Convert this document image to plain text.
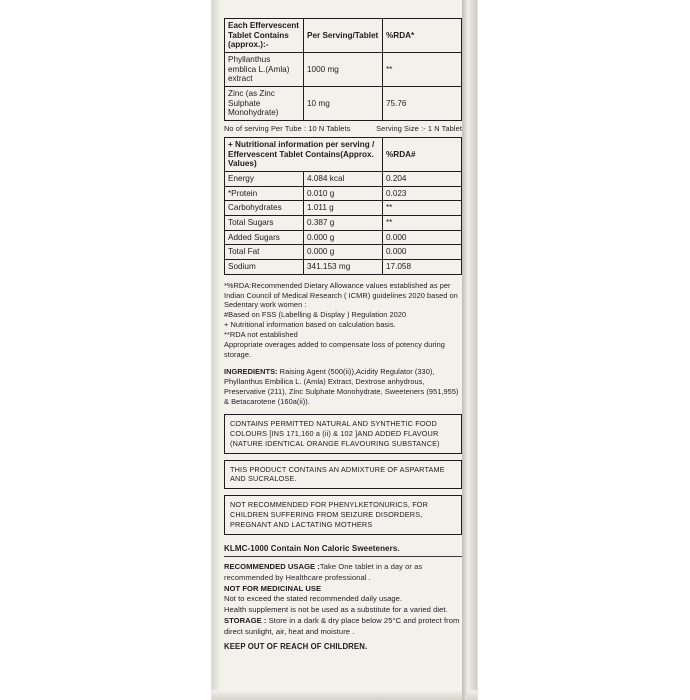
Each Effervescent Tablet Contains (approx.):-	Per Serving/Tablet	%RDA*
Phyllanthus emblica L.(Amla) extract	1000 mg	**
Zinc (as Zinc Sulphate Monohydrate)	10 mg	75.76
No of serving Per Tube : 10 N Tablets	Serving Size :- 1 N Tablet
+ Nutritional information per serving / Effervescent Tablet Contains(Approx. Values)		%RDA#
Energy	4.084 kcal	0.204
*Protein	0.010 g	0.023
Carbohydrates	1.011 g	**
Total Sugars	0.387 g	**
Added Sugars	0.000 g	0.000
Total Fat	0.000 g	0.000
Sodium	341.153 mg	17.058

*%RDA:Recommended Dietary Allowance values established as per Indian Council of Medical Research ( ICMR) guidelines 2020 based on Sedentary work women :

#Based on FSS (Labelling & Display ) Regulation 2020

+ Nutritional information based on calculation basis.

**RDA not established

Appropriate overages added to compensate loss of potency during storage.

INGREDIENTS: Raising Agent (500(ii)),Acidity Regulator (330), Phyllanthus Embilica L. (Amla) Extract, Dextrose anhydrous, Preservative (211), Zinc Sulphate Monohydrate, Sweeteners (951,955) & Betacarotene (160a(ii)).
CONTAINS PERMITTED NATURAL AND SYNTHETIC FOOD COLOURS [INS 171,160 a (ii) & 102 ]AND ADDED FLAVOUR (NATURE IDENTICAL ORANGE FLAVOURING SUBSTANCE)
THIS PRODUCT CONTAINS AN ADMIXTURE OF ASPARTAME AND SUCRALOSE.
NOT RECOMMENDED FOR PHENYLKETONURICS, FOR CHILDREN SUFFERING FROM SEIZURE DISORDERS, PREGNANT AND LACTATING MOTHERS
KLMC-1000 Contain Non Caloric Sweeteners.

RECOMMENDED USAGE :Take One tablet in a day or as recommended by Healthcare professional .

NOT FOR MEDICINAL USE

Not to exceed the stated recommended daily usage.

Health supplement is not be used as a substitute for a varied diet.

STORAGE : Store in a dark & dry place below 25°C and protect from direct sunlight, air, heat and moisture .

KEEP OUT OF REACH OF CHILDREN.
